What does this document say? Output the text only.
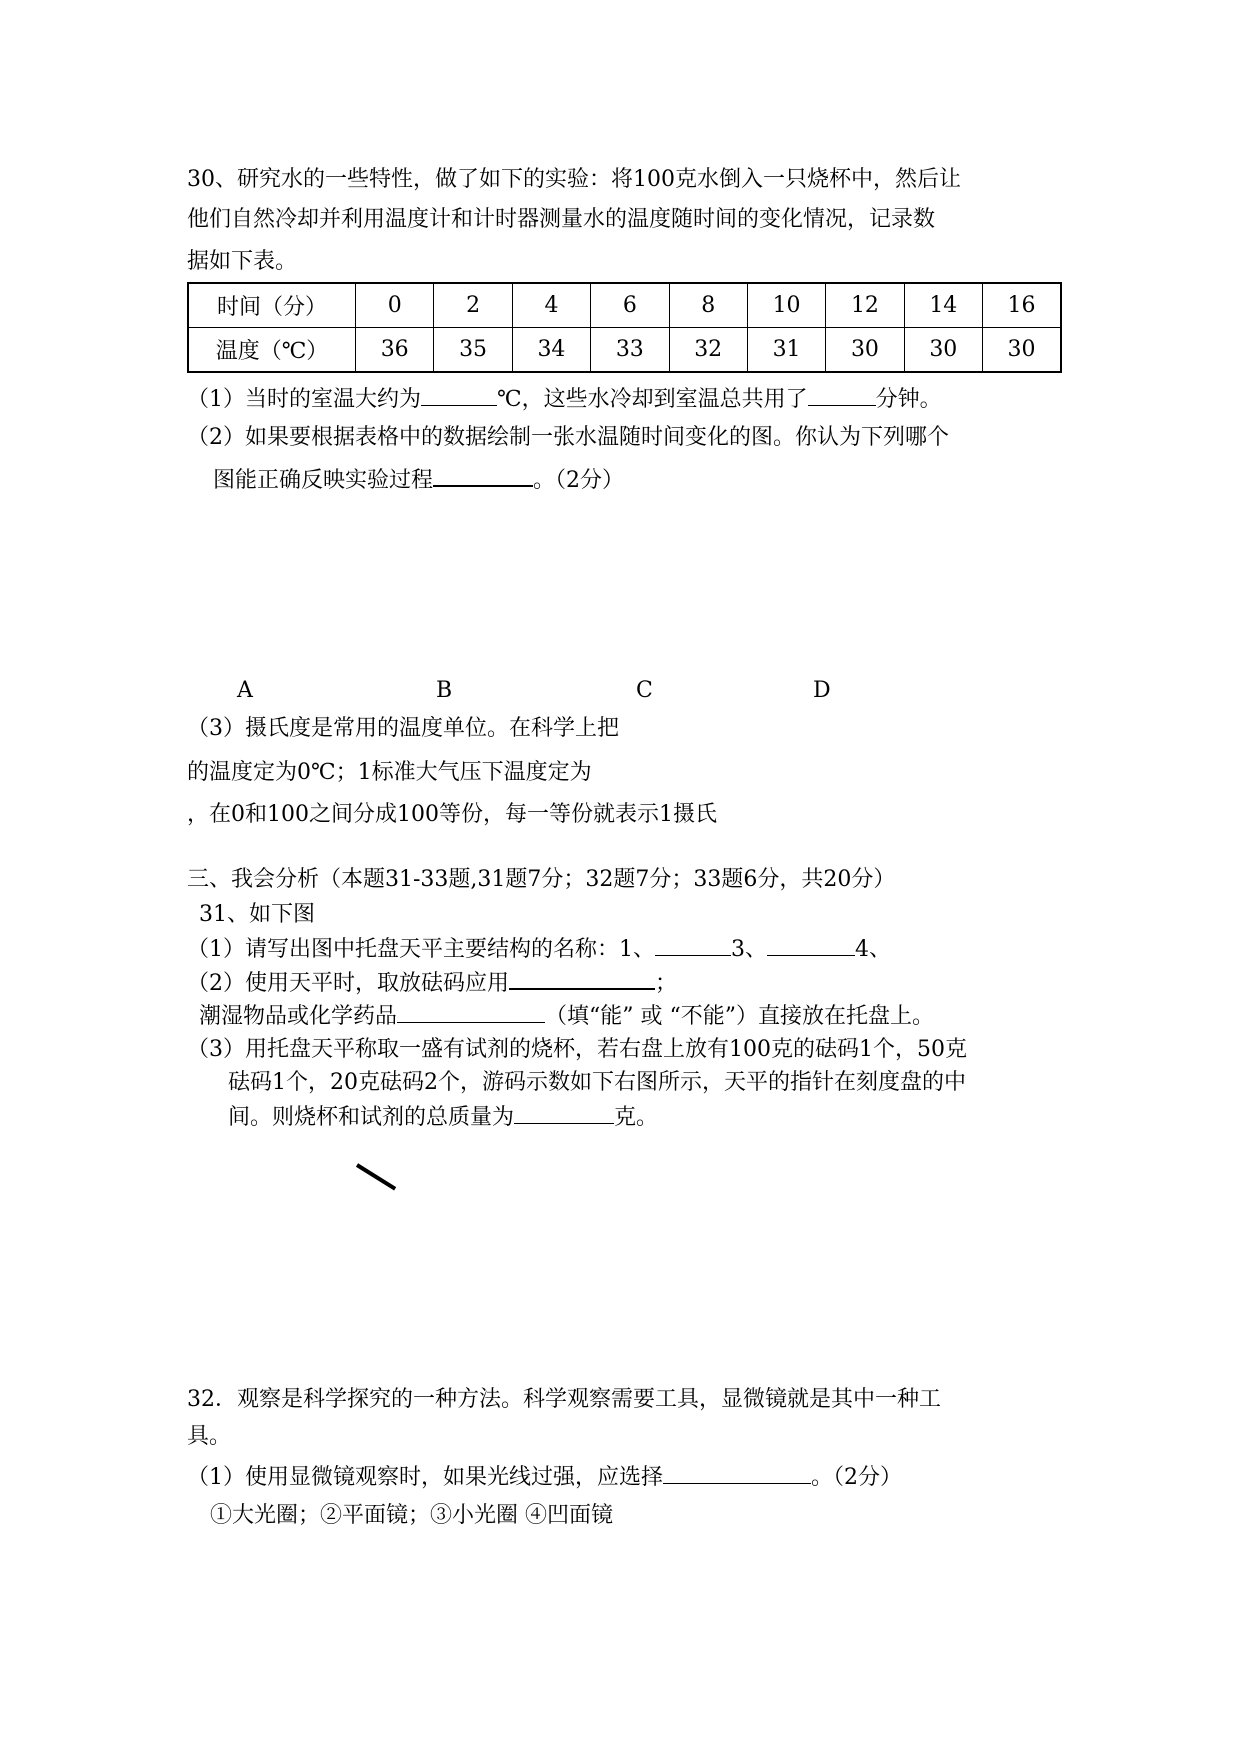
30、研究水的一些特性，做了如下的实验：将100克水倒入一只烧杯中，然后让
他们自然冷却并利用温度计和计时器测量水的温度随时间的变化情况，记录数
据如下表。
时间（分）	0	2	4	6	8	10	12	14	16
温度（℃）	36	35	34	33	32	31	30	30	30
（1）当时的室温大约为	℃，这些水冷却到室温总共用了	分钟。
（2）如果要根据表格中的数据绘制一张水温随时间变化的图。你认为下列哪个
图能正确反映实验过程	。（2分）
A	B	C	D
（3）摄氏度是常用的温度单位。在科学上把
的温度定为0℃；1标准大气压下温度定为
，在0和100之间分成100等份，每一等份就表示1摄氏
三、我会分析（本题31-33题,31题7分；32题7分；33题6分，共20分）
31、如下图
（1）请写出图中托盘天平主要结构的名称：1、	3、	4、
（2）使用天平时，取放砝码应用	；
潮湿物品或化学药品	（填“能” 或 “不能”）直接放在托盘上。
（3）用托盘天平称取一盛有试剂的烧杯，若右盘上放有100克的砝码1个，50克
砝码1个，20克砝码2个，游码示数如下右图所示，天平的指针在刻度盘的中
间。则烧杯和试剂的总质量为	克。
32．观察是科学探究的一种方法。科学观察需要工具，显微镜就是其中一种工
具。
（1）使用显微镜观察时，如果光线过强，应选择	。（2分）
①大光圈；②平面镜；③小光圈 ④凹面镜
